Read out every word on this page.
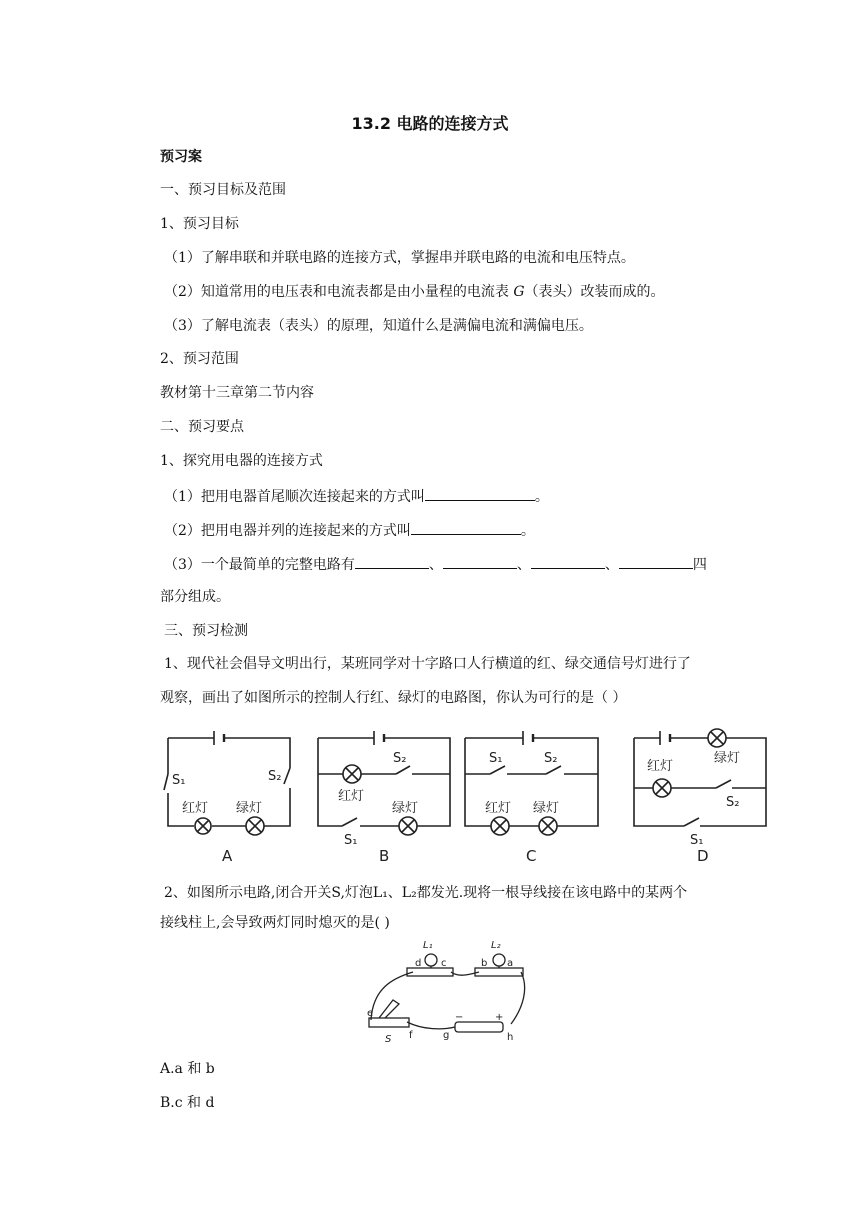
13.2 电路的连接方式
预习案
一、预习目标及范围
1、预习目标
（1）了解串联和并联电路的连接方式，掌握串并联电路的电流和电压特点。
（2）知道常用的电压表和电流表都是由小量程的电流表 G（表头）改装而成的。
（3）了解电流表（表头）的原理，知道什么是满偏电流和满偏电压。
2、预习范围
教材第十三章第二节内容
二、预习要点
1、探究用电器的连接方式
（1）把用电器首尾顺次连接起来的方式叫	。
（2）把用电器并列的连接起来的方式叫	。
（3）一个最简单的完整电路有	、	、	、	四
部分组成。
三、预习检测
1、现代社会倡导文明出行，某班同学对十字路口人行横道的红、绿交通信号灯进行了
观察，画出了如图所示的控制人行红、绿灯的电路图，你认为可行的是（ ）
S₁	S₂
红灯 绿灯
A
S₂
红灯
绿灯
S₁
B
S₁	S₂
红灯 绿灯
C
绿灯
红灯
S₂
S₁
D
2、如图所示电路,闭合开关S,灯泡L₁、L₂都发光.现将一根导线接在该电路中的某两个
接线柱上,会导致两灯同时熄灭的是( )
L₁	L₂
d c	b a
e
f	g	h
S
−	+
A.a 和 b
B.c 和 d
